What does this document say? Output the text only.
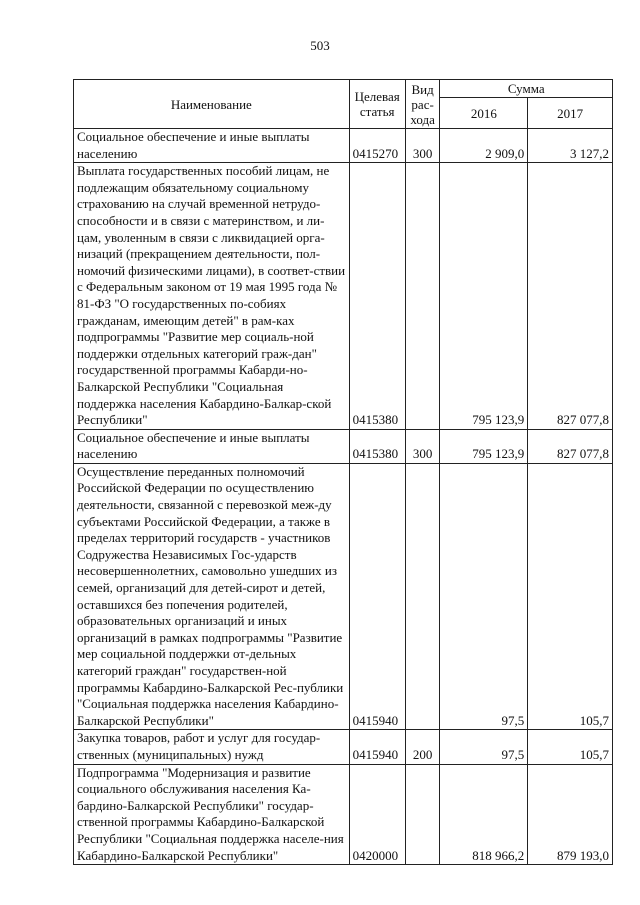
503
Наименование	Целевая статья	Вид рас-хода	Сумма	
			2016	2017
Социальное обеспечение и иные выплаты населению	0415270	300	2 909,0	3 127,2
Выплата государственных пособий лицам, не подлежащим обязательному социальному страхованию на случай временной нетрудо-способности и в связи с материнством, и ли-цам, уволенным в связи с ликвидацией орга-низаций (прекращением деятельности, пол-номочий физическими лицами), в соответ-ствии с Федеральным законом от 19 мая 1995 года № 81-ФЗ "О государственных по-собиях гражданам, имеющим детей" в рам-ках подпрограммы "Развитие мер социаль-ной поддержки отдельных категорий граж-дан" государственной программы Кабарди-но-Балкарской Республики "Социальная поддержка населения Кабардино-Балкар-ской Республики"	0415380		795 123,9	827 077,8
Социальное обеспечение и иные выплаты населению	0415380	300	795 123,9	827 077,8
Осуществление переданных полномочий Российской Федерации по осуществлению деятельности, связанной с перевозкой меж-ду субъектами Российской Федерации, а также в пределах территорий государств - участников Содружества Независимых Гос-ударств несовершеннолетних, самовольно ушедших из семей, организаций для детей-сирот и детей, оставшихся без попечения родителей, образовательных организаций и иных организаций в рамках подпрограммы "Развитие мер социальной поддержки от-дельных категорий граждан" государствен-ной программы Кабардино-Балкарской Рес-публики "Социальная поддержка населения Кабардино-Балкарской Республики"	0415940		97,5	105,7
Закупка товаров, работ и услуг для государ-ственных (муниципальных) нужд	0415940	200	97,5	105,7
Подпрограмма "Модернизация и развитие социального обслуживания населения Ка-бардино-Балкарской Республики" государ-ственной программы Кабардино-Балкарской Республики "Социальная поддержка населе-ния Кабардино-Балкарской Республики"	0420000		818 966,2	879 193,0
